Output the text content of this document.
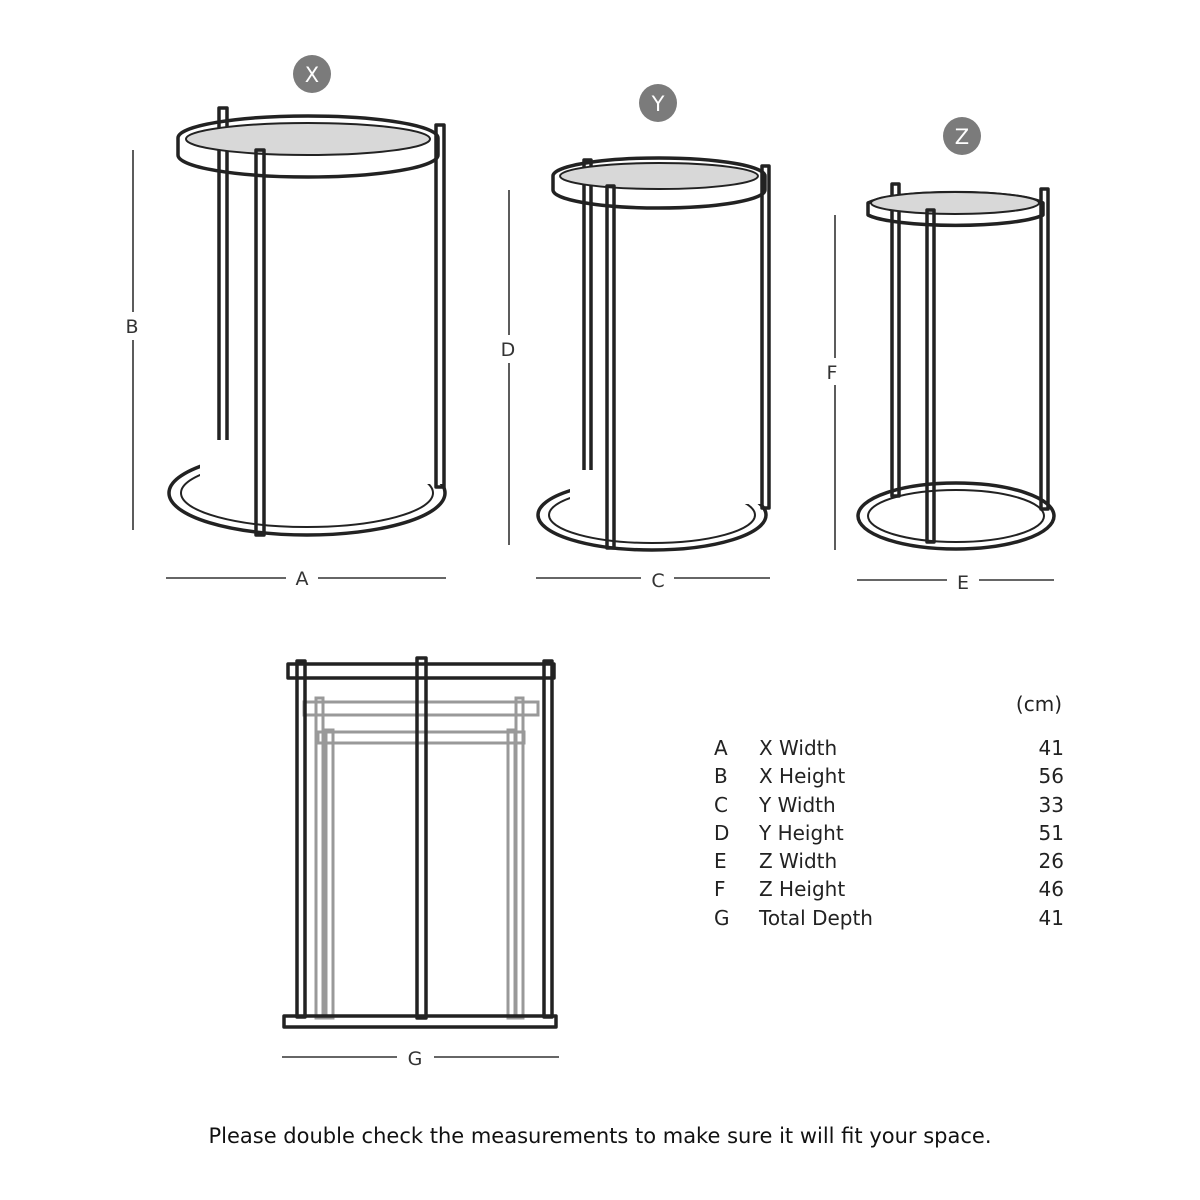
X
Y
Z
B
D
F
A	C	E
G
(cm)
A	X Width	41
B	X Height	56
C	Y Width	33
D	Y Height	51
E	Z Width	26
F	Z Height	46
G	Total Depth	41
Please double check the measurements to make sure it will fit your space.
